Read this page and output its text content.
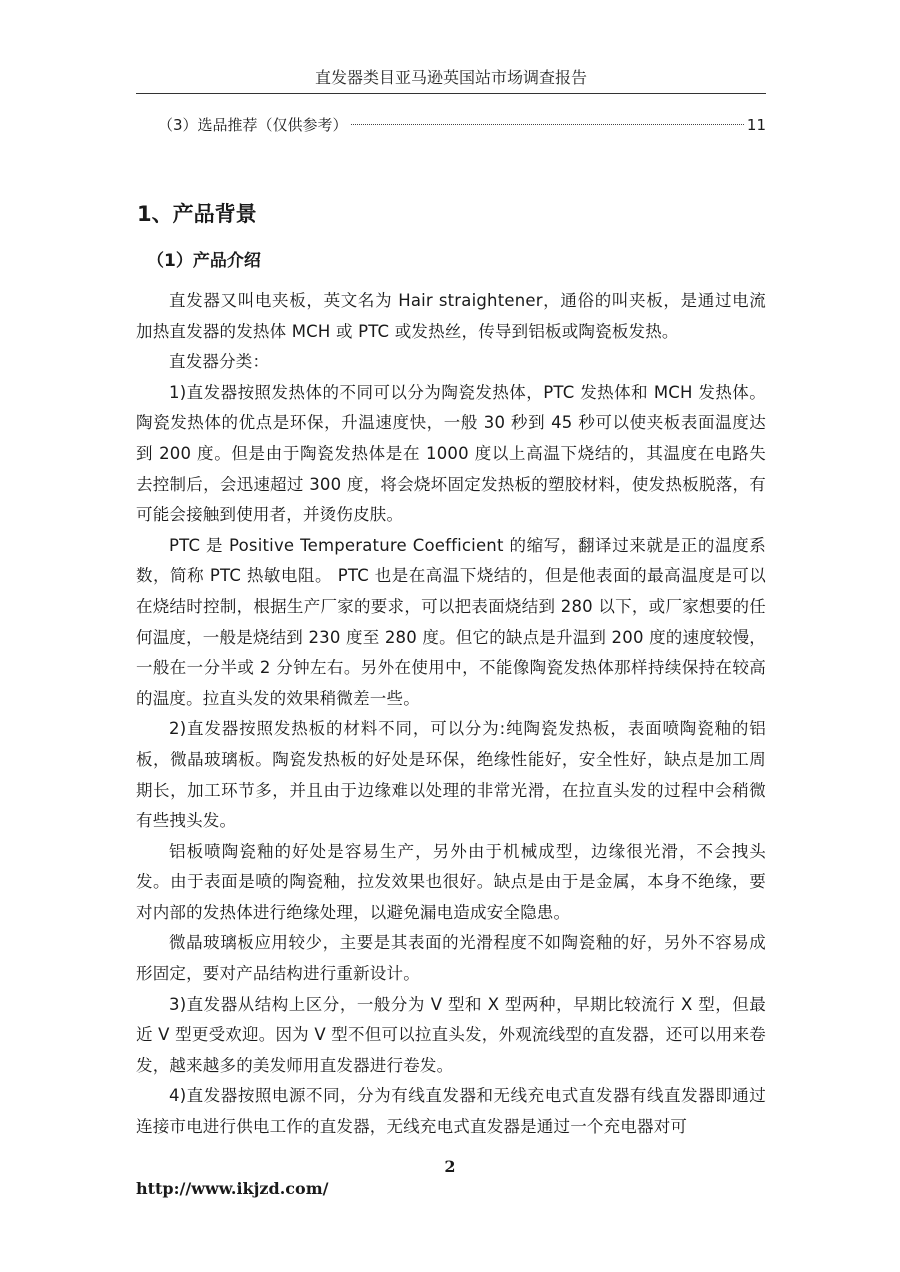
直发器类目亚马逊英国站市场调查报告
（3）选品推荐（仅供参考）	11
1、产品背景
（1）产品介绍

直发器又叫电夹板，英文名为 Hair straightener，通俗的叫夹板，是通过电流加热直发器的发热体 MCH 或 PTC 或发热丝，传导到铝板或陶瓷板发热。

直发器分类：

1)直发器按照发热体的不同可以分为陶瓷发热体，PTC 发热体和 MCH 发热体。陶瓷发热体的优点是环保，升温速度快，一般 30 秒到 45 秒可以使夹板表面温度达到 200 度。但是由于陶瓷发热体是在 1000 度以上高温下烧结的，其温度在电路失去控制后，会迅速超过 300 度，将会烧坏固定发热板的塑胶材料，使发热板脱落，有可能会接触到使用者，并烫伤皮肤。

PTC 是 Positive Temperature Coefficient 的缩写，翻译过来就是正的温度系数，简称 PTC 热敏电阻。 PTC 也是在高温下烧结的，但是他表面的最高温度是可以在烧结时控制，根据生产厂家的要求，可以把表面烧结到 280 以下，或厂家想要的任何温度，一般是烧结到 230 度至 280 度。但它的缺点是升温到 200 度的速度较慢，一般在一分半或 2 分钟左右。另外在使用中，不能像陶瓷发热体那样持续保持在较高的温度。拉直头发的效果稍微差一些。

2)直发器按照发热板的材料不同，可以分为:纯陶瓷发热板，表面喷陶瓷釉的铝板，微晶玻璃板。陶瓷发热板的好处是环保，绝缘性能好，安全性好，缺点是加工周期长，加工环节多，并且由于边缘难以处理的非常光滑，在拉直头发的过程中会稍微有些拽头发。

铝板喷陶瓷釉的好处是容易生产，另外由于机械成型，边缘很光滑，不会拽头发。由于表面是喷的陶瓷釉，拉发效果也很好。缺点是由于是金属，本身不绝缘，要对内部的发热体进行绝缘处理，以避免漏电造成安全隐患。

微晶玻璃板应用较少，主要是其表面的光滑程度不如陶瓷釉的好，另外不容易成形固定，要对产品结构进行重新设计。

3)直发器从结构上区分，一般分为 V 型和 X 型两种，早期比较流行 X 型，但最近 V 型更受欢迎。因为 V 型不但可以拉直头发，外观流线型的直发器，还可以用来卷发，越来越多的美发师用直发器进行卷发。

4)直发器按照电源不同，分为有线直发器和无线充电式直发器有线直发器即通过连接市电进行供电工作的直发器，无线充电式直发器是通过一个充电器对可

2
http://www.ikjzd.com/
